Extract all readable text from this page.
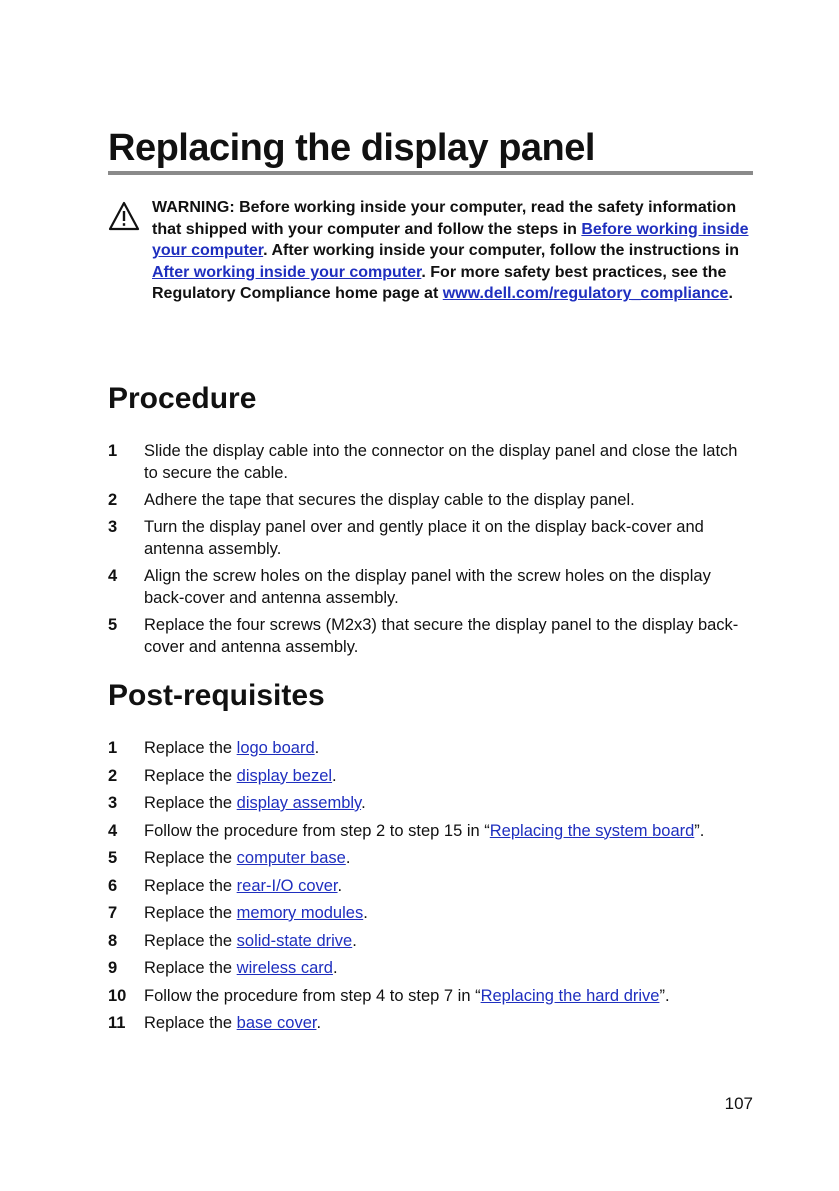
Replacing the display panel
WARNING: Before working inside your computer, read the safety information that shipped with your computer and follow the steps in Before working inside your computer. After working inside your computer, follow the instructions in After working inside your computer. For more safety best practices, see the Regulatory Compliance home page at www.dell.com/regulatory_compliance.
Procedure
1 Slide the display cable into the connector on the display panel and close the latch to secure the cable.
2 Adhere the tape that secures the display cable to the display panel.
3 Turn the display panel over and gently place it on the display back-cover and antenna assembly.
4 Align the screw holes on the display panel with the screw holes on the display back-cover and antenna assembly.
5 Replace the four screws (M2x3) that secure the display panel to the display back-cover and antenna assembly.
Post-requisites
1 Replace the logo board.
2 Replace the display bezel.
3 Replace the display assembly.
4 Follow the procedure from step 2 to step 15 in “Replacing the system board”.
5 Replace the computer base.
6 Replace the rear-I/O cover.
7 Replace the memory modules.
8 Replace the solid-state drive.
9 Replace the wireless card.
10 Follow the procedure from step 4 to step 7 in “Replacing the hard drive”.
11 Replace the base cover.
107
